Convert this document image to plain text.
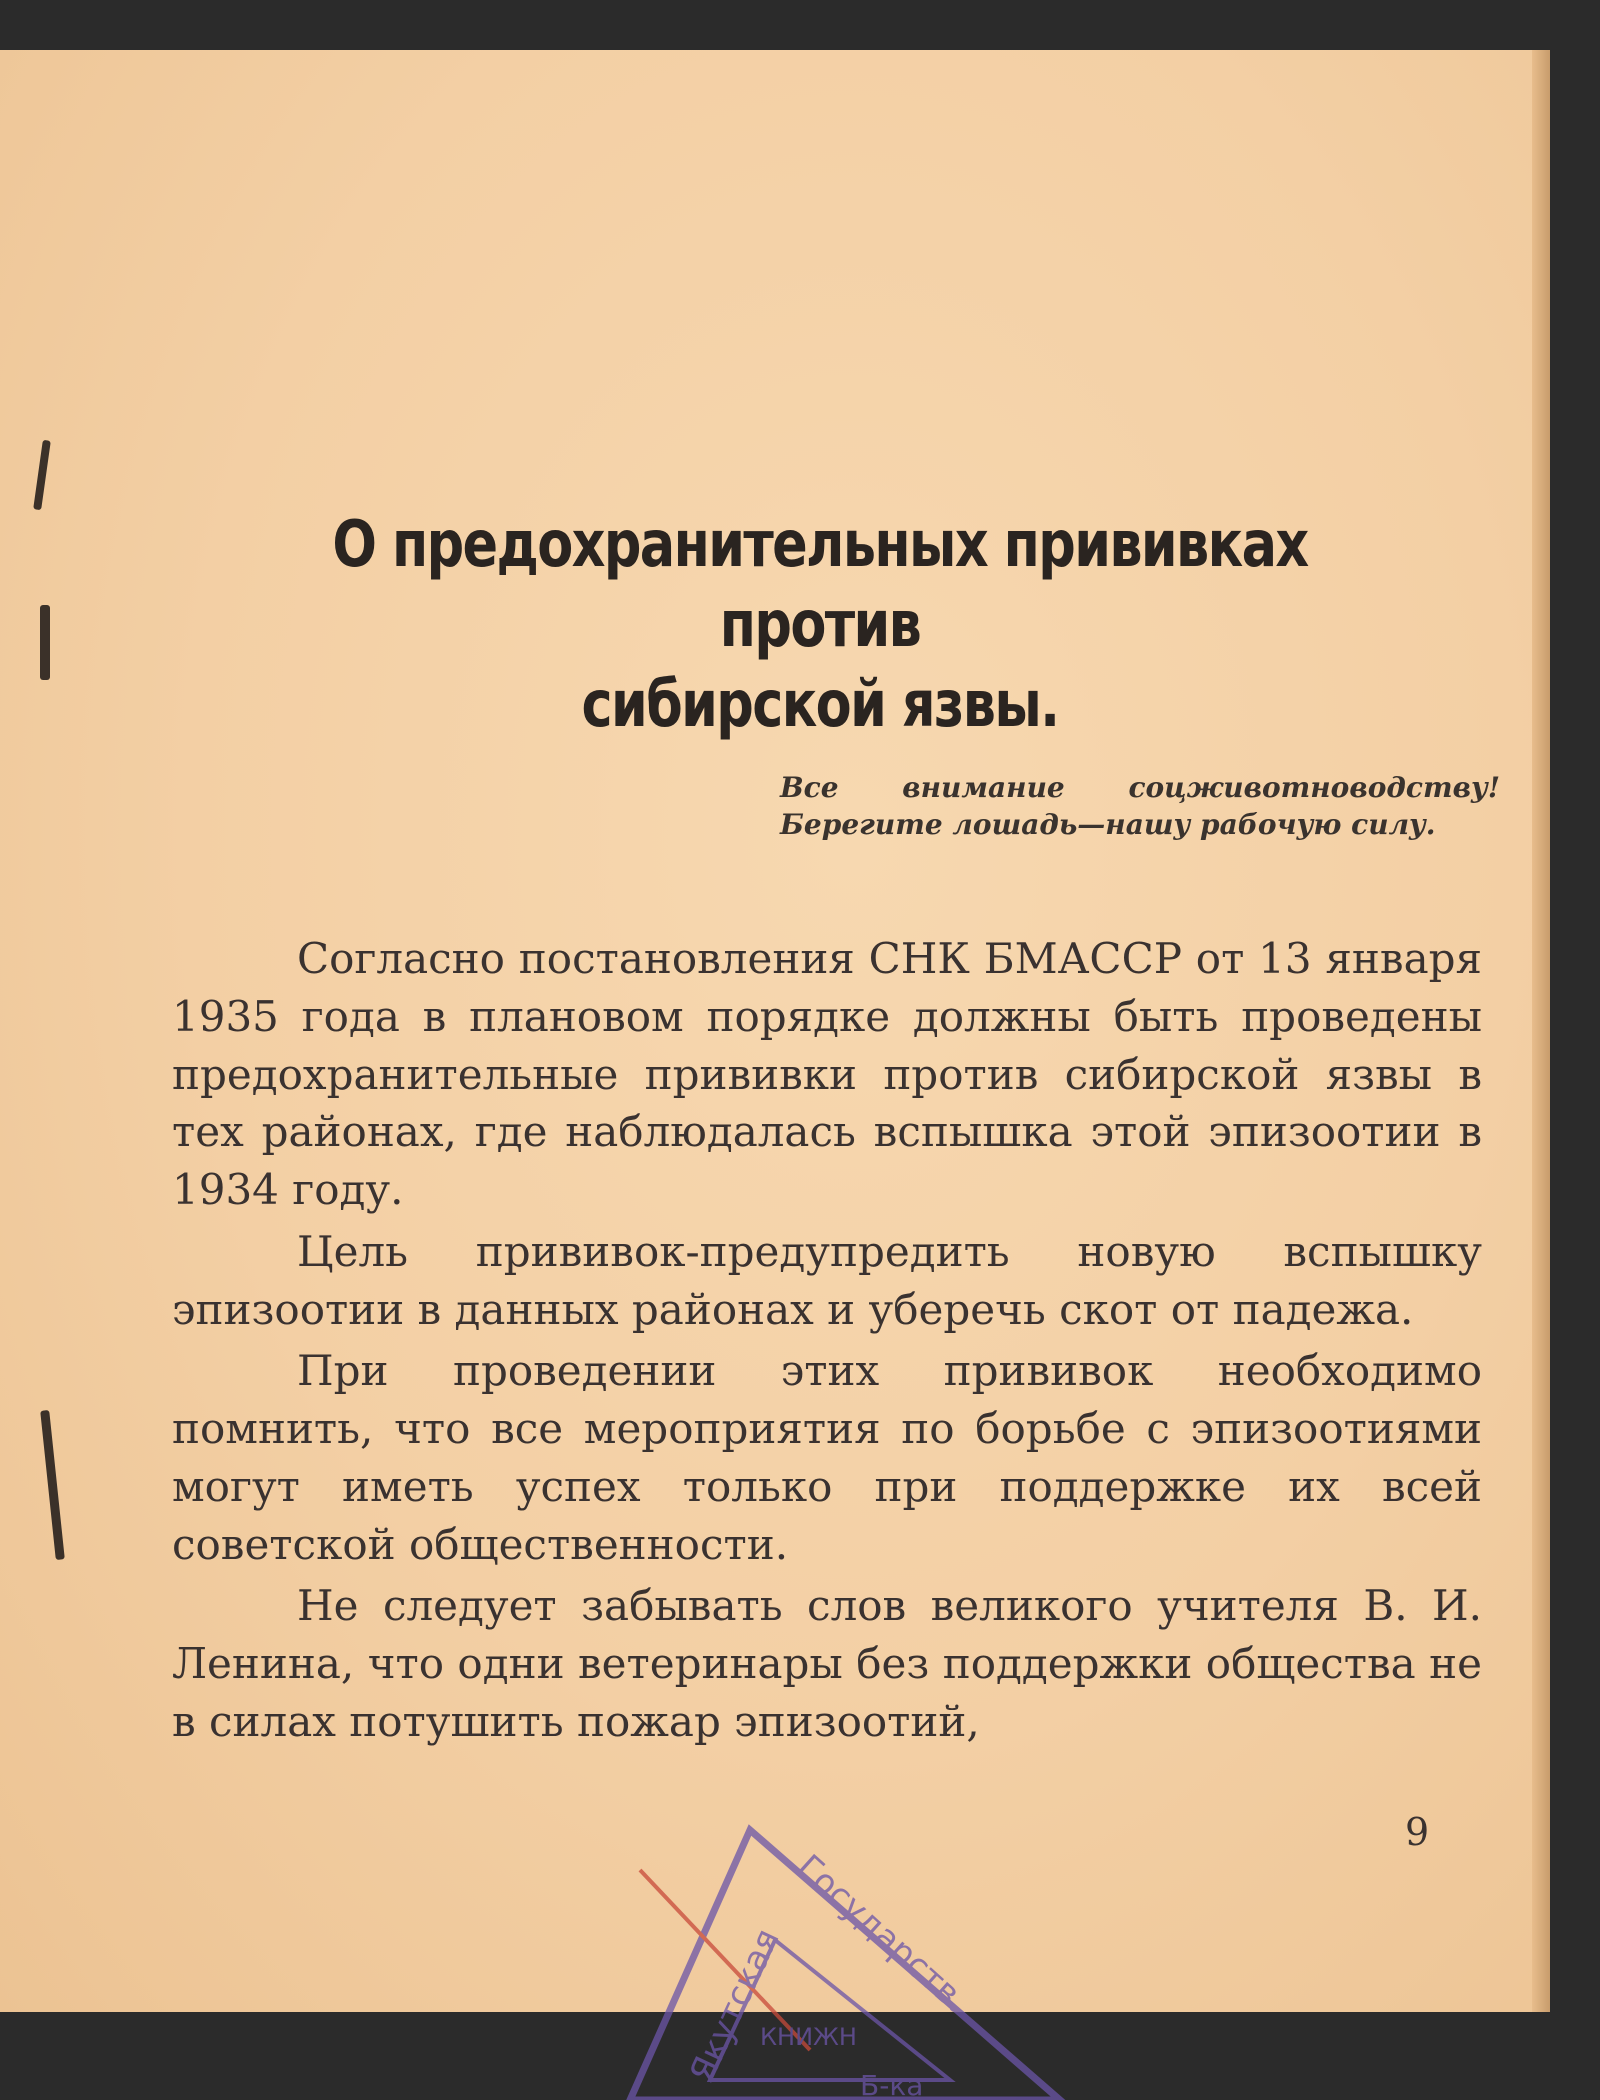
О предохранительных прививках против
сибирской язвы.
Все внимание соцживотноводству! Берегите лошадь—нашу рабочую силу.

Согласно постановления СНК БМАССР от 13 января 1935 года в плановом порядке должны быть проведены предохранительные прививки против сибирской язвы в тех районах, где наблюдалась вспышка этой эпизоотии в 1934 году.

Цель прививок-предупредить новую вспышку эпизоотии в данных районах и уберечь скот от падежа.

При проведении этих прививок необходимо помнить, что все мероприятия по борьбе с эпизоотиями могут иметь успех только при поддержке их всей советской общественности.

Не следует забывать слов великого учителя В. И. Ленина, что одни ветеринары без поддержки общества не в силах потушить пожар эпизоотий,

9
Якутская Государств.
КНИЖН
Б-ка
